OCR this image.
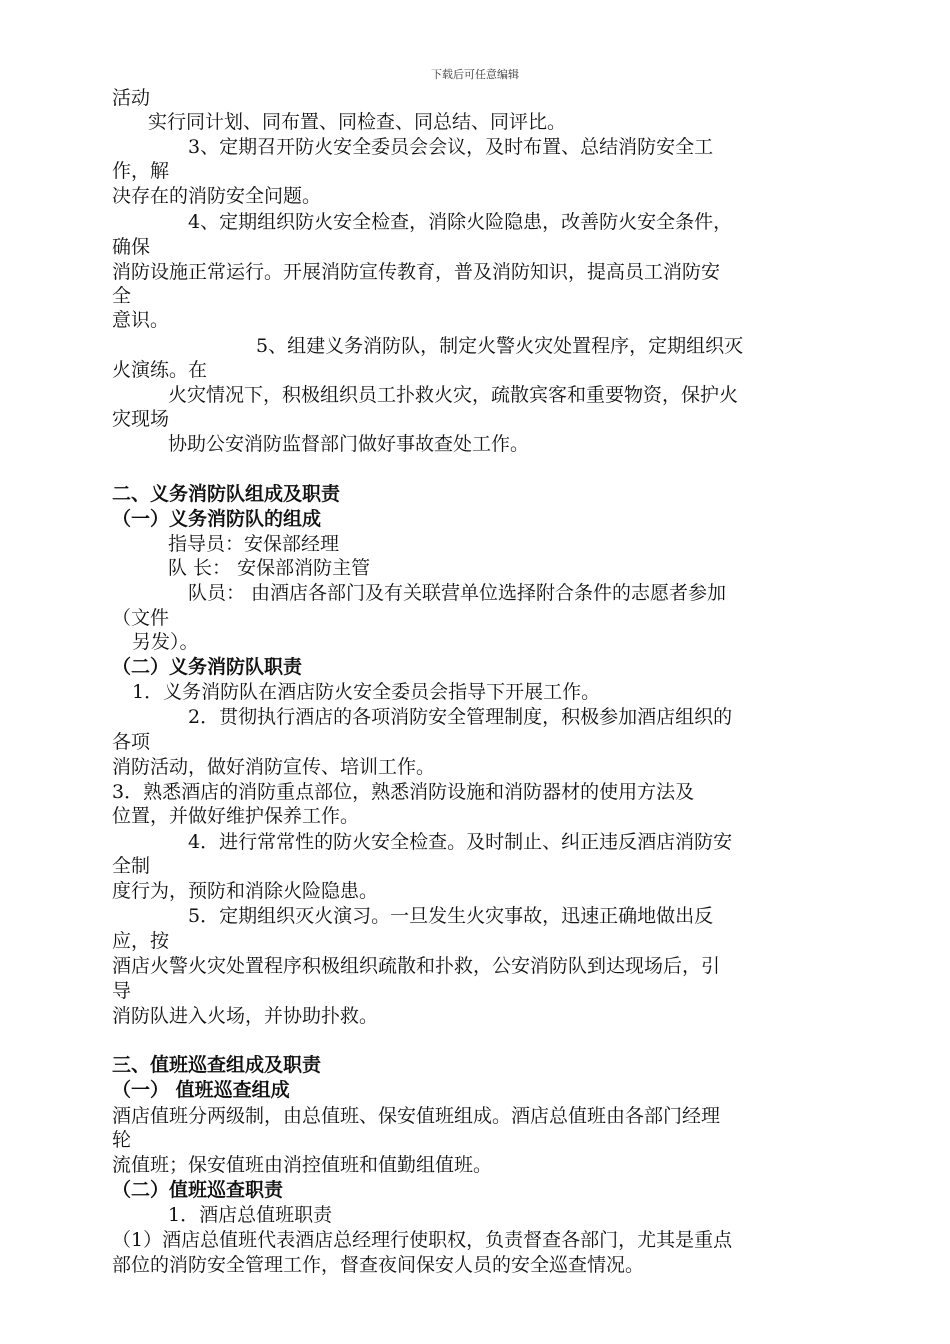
下载后可任意编辑
活动
实行同计划、同布置、同检查、同总结、同评比。
3、定期召开防火安全委员会会议，及时布置、总结消防安全工
作，解
决存在的消防安全问题。
4、定期组织防火安全检查，消除火险隐患，改善防火安全条件，
确保
消防设施正常运行。开展消防宣传教育，普及消防知识，提高员工消防安
全
意识。
5、组建义务消防队，制定火警火灾处置程序，定期组织灭
火演练。在
火灾情况下，积极组织员工扑救火灾，疏散宾客和重要物资，保护火
灾现场
协助公安消防监督部门做好事故查处工作。
二、义务消防队组成及职责
（一）义务消防队的组成
指导员：安保部经理
队 长： 安保部消防主管
队员： 由酒店各部门及有关联营单位选择附合条件的志愿者参加
（文件
另发）。
（二）义务消防队职责
1．义务消防队在酒店防火安全委员会指导下开展工作。
2．贯彻执行酒店的各项消防安全管理制度，积极参加酒店组织的
各项
消防活动，做好消防宣传、培训工作。
3．熟悉酒店的消防重点部位，熟悉消防设施和消防器材的使用方法及
位置，并做好维护保养工作。
4．进行常常性的防火安全检查。及时制止、纠正违反酒店消防安
全制
度行为，预防和消除火险隐患。
5．定期组织灭火演习。一旦发生火灾事故，迅速正确地做出反
应，按
酒店火警火灾处置程序积极组织疏散和扑救，公安消防队到达现场后，引
导
消防队进入火场，并协助扑救。
三、值班巡查组成及职责
（一） 值班巡查组成
酒店值班分两级制，由总值班、保安值班组成。酒店总值班由各部门经理
轮
流值班；保安值班由消控值班和值勤组值班。
（二）值班巡查职责
1．酒店总值班职责
（1）酒店总值班代表酒店总经理行使职权，负责督查各部门，尤其是重点
部位的消防安全管理工作，督查夜间保安人员的安全巡查情况。
